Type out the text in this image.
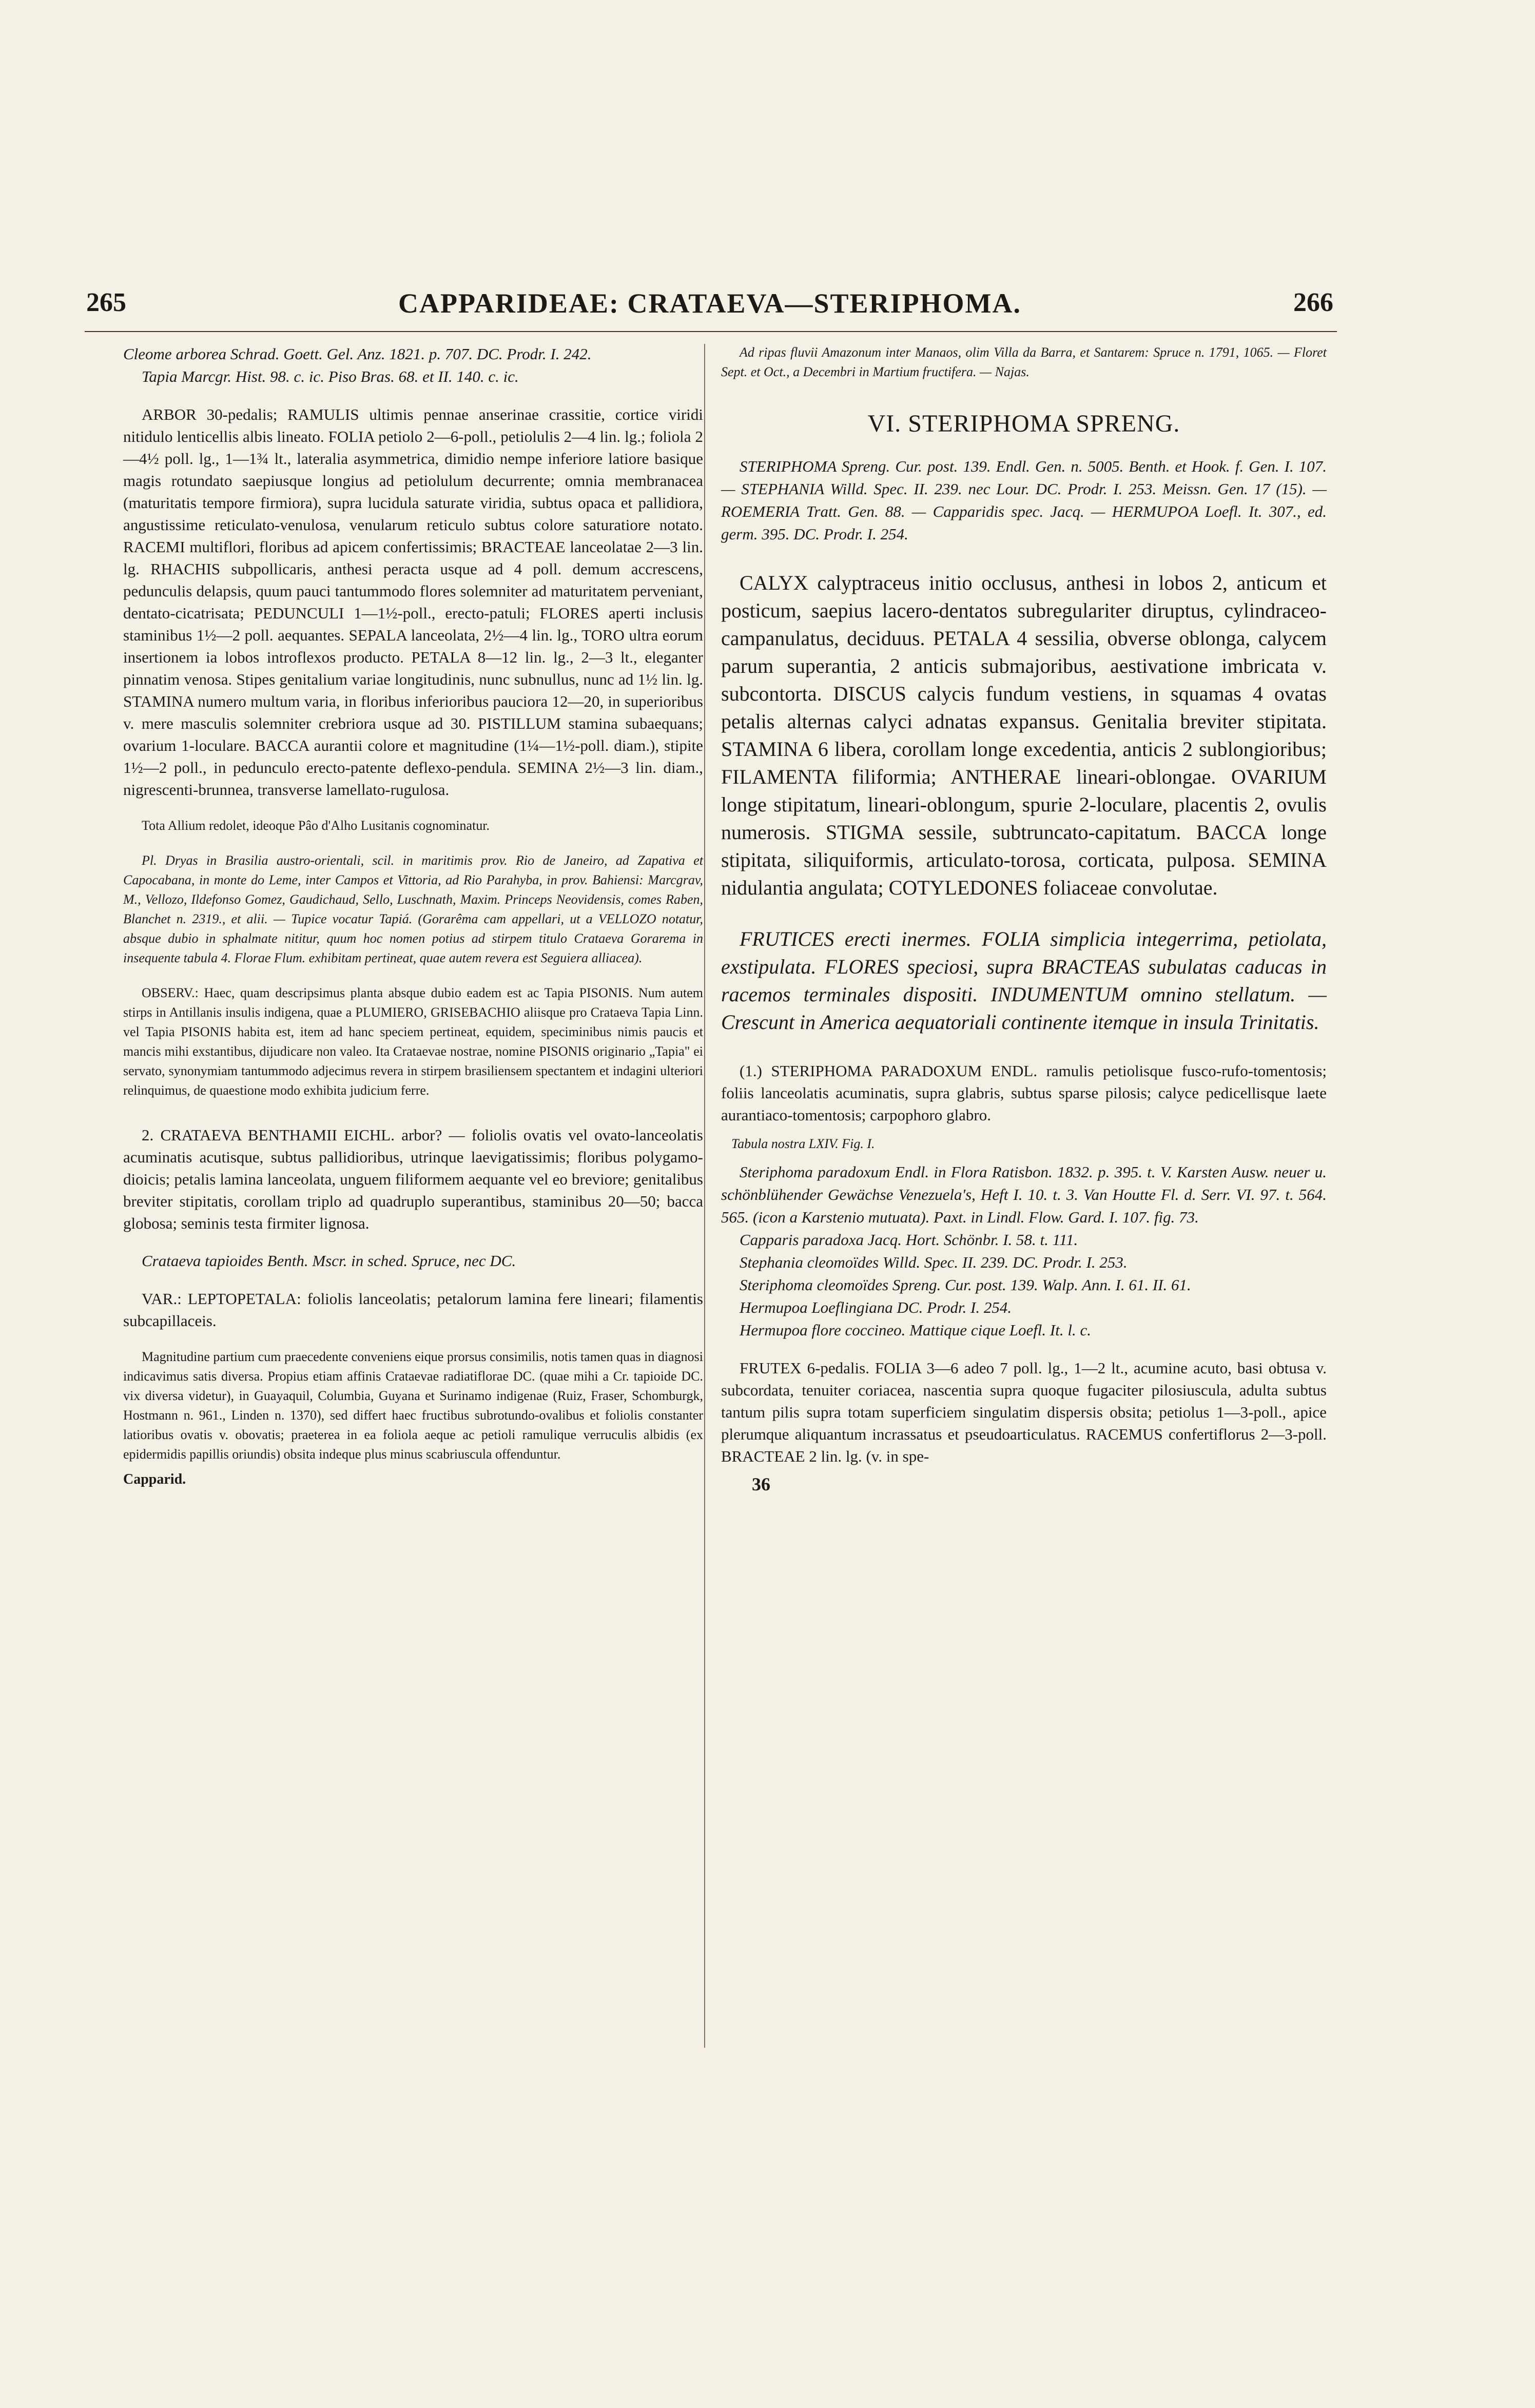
265	CAPPARIDEAE: CRATAEVA—STERIPHOMA.	266

Cleome arborea Schrad. Goett. Gel. Anz. 1821. p. 707. DC. Prodr. I. 242.

Tapia Marcgr. Hist. 98. c. ic. Piso Bras. 68. et II. 140. c. ic.

ARBOR 30-pedalis; RAMULIS ultimis pennae anserinae crassitie, cortice viridi nitidulo lenticellis albis lineato. FOLIA petiolo 2—6-poll., petiolulis 2—4 lin. lg.; foliola 2—4½ poll. lg., 1—1¾ lt., lateralia asymmetrica, dimidio nempe inferiore latiore basique magis rotundato saepiusque longius ad petiolulum decurrente; omnia membranacea (maturitatis tempore firmiora), supra lucidula saturate viridia, subtus opaca et pallidiora, angustissime reticulato-venulosa, venularum reticulo subtus colore saturatiore notato. RACEMI multiflori, floribus ad apicem confertissimis; BRACTEAE lanceolatae 2—3 lin. lg. RHACHIS subpollicaris, anthesi peracta usque ad 4 poll. demum accrescens, pedunculis delapsis, quum pauci tantummodo flores solemniter ad maturitatem perveniant, dentato-cicatrisata; PEDUNCULI 1—1½-poll., erecto-patuli; FLORES aperti inclusis staminibus 1½—2 poll. aequantes. SEPALA lanceolata, 2½—4 lin. lg., TORO ultra eorum insertionem ia lobos introflexos producto. PETALA 8—12 lin. lg., 2—3 lt., eleganter pinnatim venosa. Stipes genitalium variae longitudinis, nunc subnullus, nunc ad 1½ lin. lg. STAMINA numero multum varia, in floribus inferioribus pauciora 12—20, in superioribus v. mere masculis solemniter crebriora usque ad 30. PISTILLUM stamina subaequans; ovarium 1-loculare. BACCA aurantii colore et magnitudine (1¼—1½-poll. diam.), stipite 1½—2 poll., in pedunculo erecto-patente deflexo-pendula. SEMINA 2½—3 lin. diam., nigrescenti-brunnea, transverse lamellato-rugulosa.

Tota Allium redolet, ideoque Pâo d'Alho Lusitanis cognominatur.

Pl. Dryas in Brasilia austro-orientali, scil. in maritimis prov. Rio de Janeiro, ad Zapativa et Capocabana, in monte do Leme, inter Campos et Vittoria, ad Rio Parahyba, in prov. Bahiensi: Marcgrav, M., Vellozo, Ildefonso Gomez, Gaudichaud, Sello, Luschnath, Maxim. Princeps Neovidensis, comes Raben, Blanchet n. 2319., et alii. — Tupice vocatur Tapiá. (Gorarêma cam appellari, ut a VELLOZO notatur, absque dubio in sphalmate nititur, quum hoc nomen potius ad stirpem titulo Crataeva Gorarema in insequente tabula 4. Florae Flum. exhibitam pertineat, quae autem revera est Seguiera alliacea).

OBSERV.: Haec, quam descripsimus planta absque dubio eadem est ac Tapia PISONIS. Num autem stirps in Antillanis insulis indigena, quae a PLUMIERO, GRISEBACHIO aliisque pro Crataeva Tapia Linn. vel Tapia PISONIS habita est, item ad hanc speciem pertineat, equidem, speciminibus nimis paucis et mancis mihi exstantibus, dijudicare non valeo. Ita Crataevae nostrae, nomine PISONIS originario „Tapia" ei servato, synonymiam tantummodo adjecimus revera in stirpem brasiliensem spectantem et indagini ulteriori relinquimus, de quaestione modo exhibita judicium ferre.

2. CRATAEVA BENTHAMII EICHL. arbor? — foliolis ovatis vel ovato-lanceolatis acuminatis acutisque, subtus pallidioribus, utrinque laevigatissimis; floribus polygamo-dioicis; petalis lamina lanceolata, unguem filiformem aequante vel eo breviore; genitalibus breviter stipitatis, corollam triplo ad quadruplo superantibus, staminibus 20—50; bacca globosa; seminis testa firmiter lignosa.

Crataeva tapioides Benth. Mscr. in sched. Spruce, nec DC.

VAR.: LEPTOPETALA: foliolis lanceolatis; petalorum lamina fere lineari; filamentis subcapillaceis.

Magnitudine partium cum praecedente conveniens eique prorsus consimilis, notis tamen quas in diagnosi indicavimus satis diversa. Propius etiam affinis Crataevae radiatiflorae DC. (quae mihi a Cr. tapioide DC. vix diversa videtur), in Guayaquil, Columbia, Guyana et Surinamo indigenae (Ruiz, Fraser, Schomburgk, Hostmann n. 961., Linden n. 1370), sed differt haec fructibus subrotundo-ovalibus et foliolis constanter latioribus ovatis v. obovatis; praeterea in ea foliola aeque ac petioli ramulique verruculis albidis (ex epidermidis papillis oriundis) obsita indeque plus minus scabriuscula offenduntur.

Capparid.

Ad ripas fluvii Amazonum inter Manaos, olim Villa da Barra, et Santarem: Spruce n. 1791, 1065. — Floret Sept. et Oct., a Decembri in Martium fructifera. — Najas.

VI. STERIPHOMA SPRENG.

STERIPHOMA Spreng. Cur. post. 139. Endl. Gen. n. 5005. Benth. et Hook. f. Gen. I. 107. — STEPHANIA Willd. Spec. II. 239. nec Lour. DC. Prodr. I. 253. Meissn. Gen. 17 (15). — ROEMERIA Tratt. Gen. 88. — Capparidis spec. Jacq. — HERMUPOA Loefl. It. 307., ed. germ. 395. DC. Prodr. I. 254.

CALYX calyptraceus initio occlusus, anthesi in lobos 2, anticum et posticum, saepius lacero-dentatos subregulariter diruptus, cylindraceo-campanulatus, deciduus. PETALA 4 sessilia, obverse oblonga, calycem parum superantia, 2 anticis submajoribus, aestivatione imbricata v. subcontorta. DISCUS calycis fundum vestiens, in squamas 4 ovatas petalis alternas calyci adnatas expansus. Genitalia breviter stipitata. STAMINA 6 libera, corollam longe excedentia, anticis 2 sublongioribus; FILAMENTA filiformia; ANTHERAE lineari-oblongae. OVARIUM longe stipitatum, lineari-oblongum, spurie 2-loculare, placentis 2, ovulis numerosis. STIGMA sessile, subtruncato-capitatum. BACCA longe stipitata, siliquiformis, articulato-torosa, corticata, pulposa. SEMINA nidulantia angulata; COTYLEDONES foliaceae convolutae.

FRUTICES erecti inermes. FOLIA simplicia integerrima, petiolata, exstipulata. FLORES speciosi, supra BRACTEAS subulatas caducas in racemos terminales dispositi. INDUMENTUM omnino stellatum. — Crescunt in America aequatoriali continente itemque in insula Trinitatis.

(1.) STERIPHOMA PARADOXUM ENDL. ramulis petiolisque fusco-rufo-tomentosis; foliis lanceolatis acuminatis, supra glabris, subtus sparse pilosis; calyce pedicellisque laete aurantiaco-tomentosis; carpophoro glabro.

Tabula nostra LXIV. Fig. I.

Steriphoma paradoxum Endl. in Flora Ratisbon. 1832. p. 395. t. V. Karsten Ausw. neuer u. schönblühender Gewächse Venezuela's, Heft I. 10. t. 3. Van Houtte Fl. d. Serr. VI. 97. t. 564. 565. (icon a Karstenio mutuata). Paxt. in Lindl. Flow. Gard. I. 107. fig. 73.

Capparis paradoxa Jacq. Hort. Schönbr. I. 58. t. 111.

Stephania cleomoïdes Willd. Spec. II. 239. DC. Prodr. I. 253.

Steriphoma cleomoïdes Spreng. Cur. post. 139. Walp. Ann. I. 61. II. 61.

Hermupoa Loeflingiana DC. Prodr. I. 254.

Hermupoa flore coccineo. Mattique cique Loefl. It. l. c.

FRUTEX 6-pedalis. FOLIA 3—6 adeo 7 poll. lg., 1—2 lt., acumine acuto, basi obtusa v. subcordata, tenuiter coriacea, nascentia supra quoque fugaciter pilosiuscula, adulta subtus tantum pilis supra totam superficiem singulatim dispersis obsita; petiolus 1—3-poll., apice plerumque aliquantum incrassatus et pseudoarticulatus. RACEMUS confertiflorus 2—3-poll. BRACTEAE 2 lin. lg. (v. in spe-

36
